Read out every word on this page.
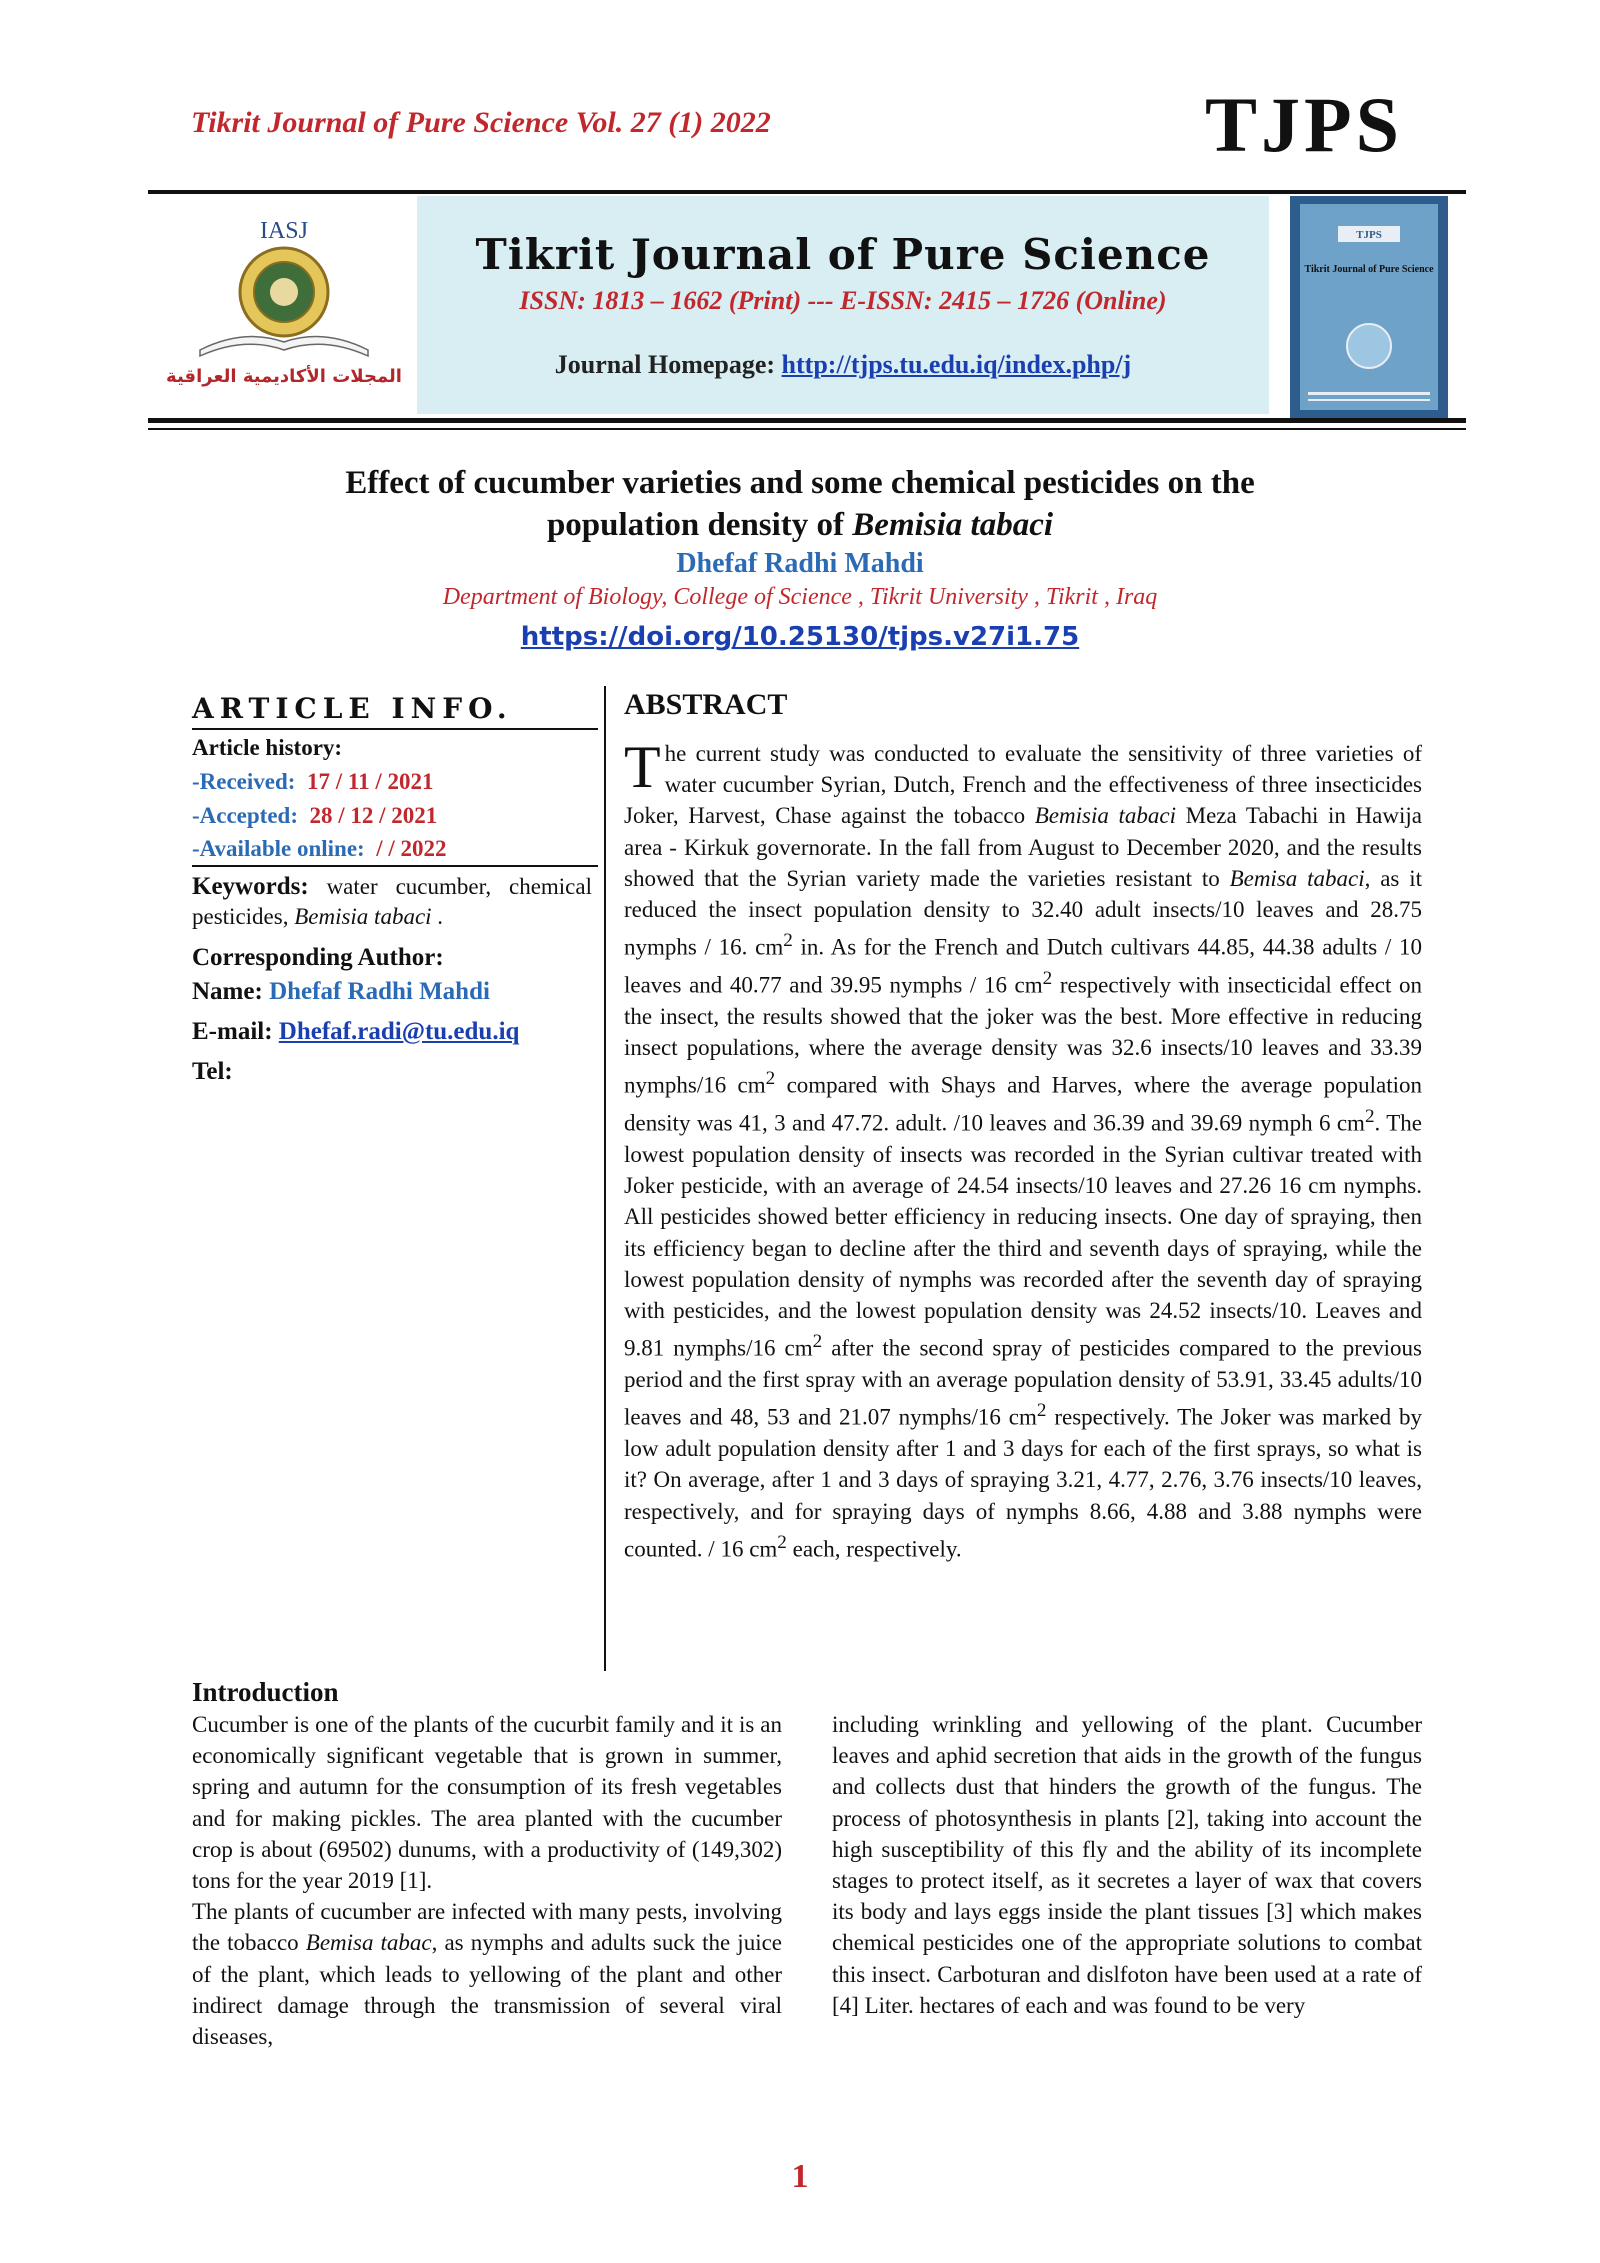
Tikrit Journal of Pure Science Vol. 27 (1) 2022	TJPS
IASJ
المجلات الأكاديمية العراقية
Tikrit Journal of Pure Science
ISSN: 1813 – 1662 (Print) --- E-ISSN: 2415 – 1726 (Online)
Journal Homepage: http://tjps.tu.edu.iq/index.php/j
TJPS
Tikrit Journal of Pure Science
Effect of cucumber varieties and some chemical pesticides on the
population density of Bemisia tabaci
Dhefaf Radhi Mahdi
Department of Biology, College of Science , Tikrit University , Tikrit , Iraq
https://doi.org/10.25130/tjps.v27i1.75
ARTICLE INFO.
Article history:
-Received: 17 / 11 / 2021
-Accepted: 28 / 12 / 2021
-Available online: / / 2022
Keywords: water cucumber, chemical pesticides, Bemisia tabaci .
Corresponding Author:
Name: Dhefaf Radhi Mahdi
E-mail: Dhefaf.radi@tu.edu.iq
Tel:
ABSTRACT
The current study was conducted to evaluate the sensitivity of three varieties of water cucumber Syrian, Dutch, French and the effectiveness of three insecticides Joker, Harvest, Chase against the tobacco Bemisia tabaci Meza Tabachi in Hawija area - Kirkuk governorate. In the fall from August to December 2020, and the results showed that the Syrian variety made the varieties resistant to Bemisa tabaci, as it reduced the insect population density to 32.40 adult insects/10 leaves and 28.75 nymphs / 16. $cm^2$ in. As for the French and Dutch cultivars 44.85, 44.38 adults / 10 leaves and 40.77 and 39.95 nymphs / 16 $cm^2$ respectively with insecticidal effect on the insect, the results showed that the joker was the best. More effective in reducing insect populations, where the average density was 32.6 insects/10 leaves and 33.39 nymphs/16 $cm^2$ compared with Shays and Harves, where the average population density was 41, 3 and 47.72. adult. /10 leaves and 36.39 and 39.69 nymph 6 $cm^2$. The lowest population density of insects was recorded in the Syrian cultivar treated with Joker pesticide, with an average of 24.54 insects/10 leaves and 27.26 16 cm nymphs. All pesticides showed better efficiency in reducing insects. One day of spraying, then its efficiency began to decline after the third and seventh days of spraying, while the lowest population density of nymphs was recorded after the seventh day of spraying with pesticides, and the lowest population density was 24.52 insects/10. Leaves and 9.81 nymphs/16 $cm^2$ after the second spray of pesticides compared to the previous period and the first spray with an average population density of 53.91, 33.45 adults/10 leaves and 48, 53 and 21.07 nymphs/16 $cm^2$ respectively. The Joker was marked by low adult population density after 1 and 3 days for each of the first sprays, so what is it? On average, after 1 and 3 days of spraying 3.21, 4.77, 2.76, 3.76 insects/10 leaves, respectively, and for spraying days of nymphs 8.66, 4.88 and 3.88 nymphs were counted. / 16 $cm^2$ each, respectively.
Introduction

Cucumber is one of the plants of the cucurbit family and it is an economically significant vegetable that is grown in summer, spring and autumn for the consumption of its fresh vegetables and for making pickles. The area planted with the cucumber crop is about (69502) dunums, with a productivity of (149,302) tons for the year 2019 [1].

The plants of cucumber are infected with many pests, involving the tobacco Bemisa tabac, as nymphs and adults suck the juice of the plant, which leads to yellowing of the plant and other indirect damage through the transmission of several viral diseases,

including wrinkling and yellowing of the plant. Cucumber leaves and aphid secretion that aids in the growth of the fungus and collects dust that hinders the growth of the fungus. The process of photosynthesis in plants [2], taking into account the high susceptibility of this fly and the ability of its incomplete stages to protect itself, as it secretes a layer of wax that covers its body and lays eggs inside the plant tissues [3] which makes chemical pesticides one of the appropriate solutions to combat this insect. Carboturan and dislfoton have been used at a rate of [4] Liter. hectares of each and was found to be very

1
